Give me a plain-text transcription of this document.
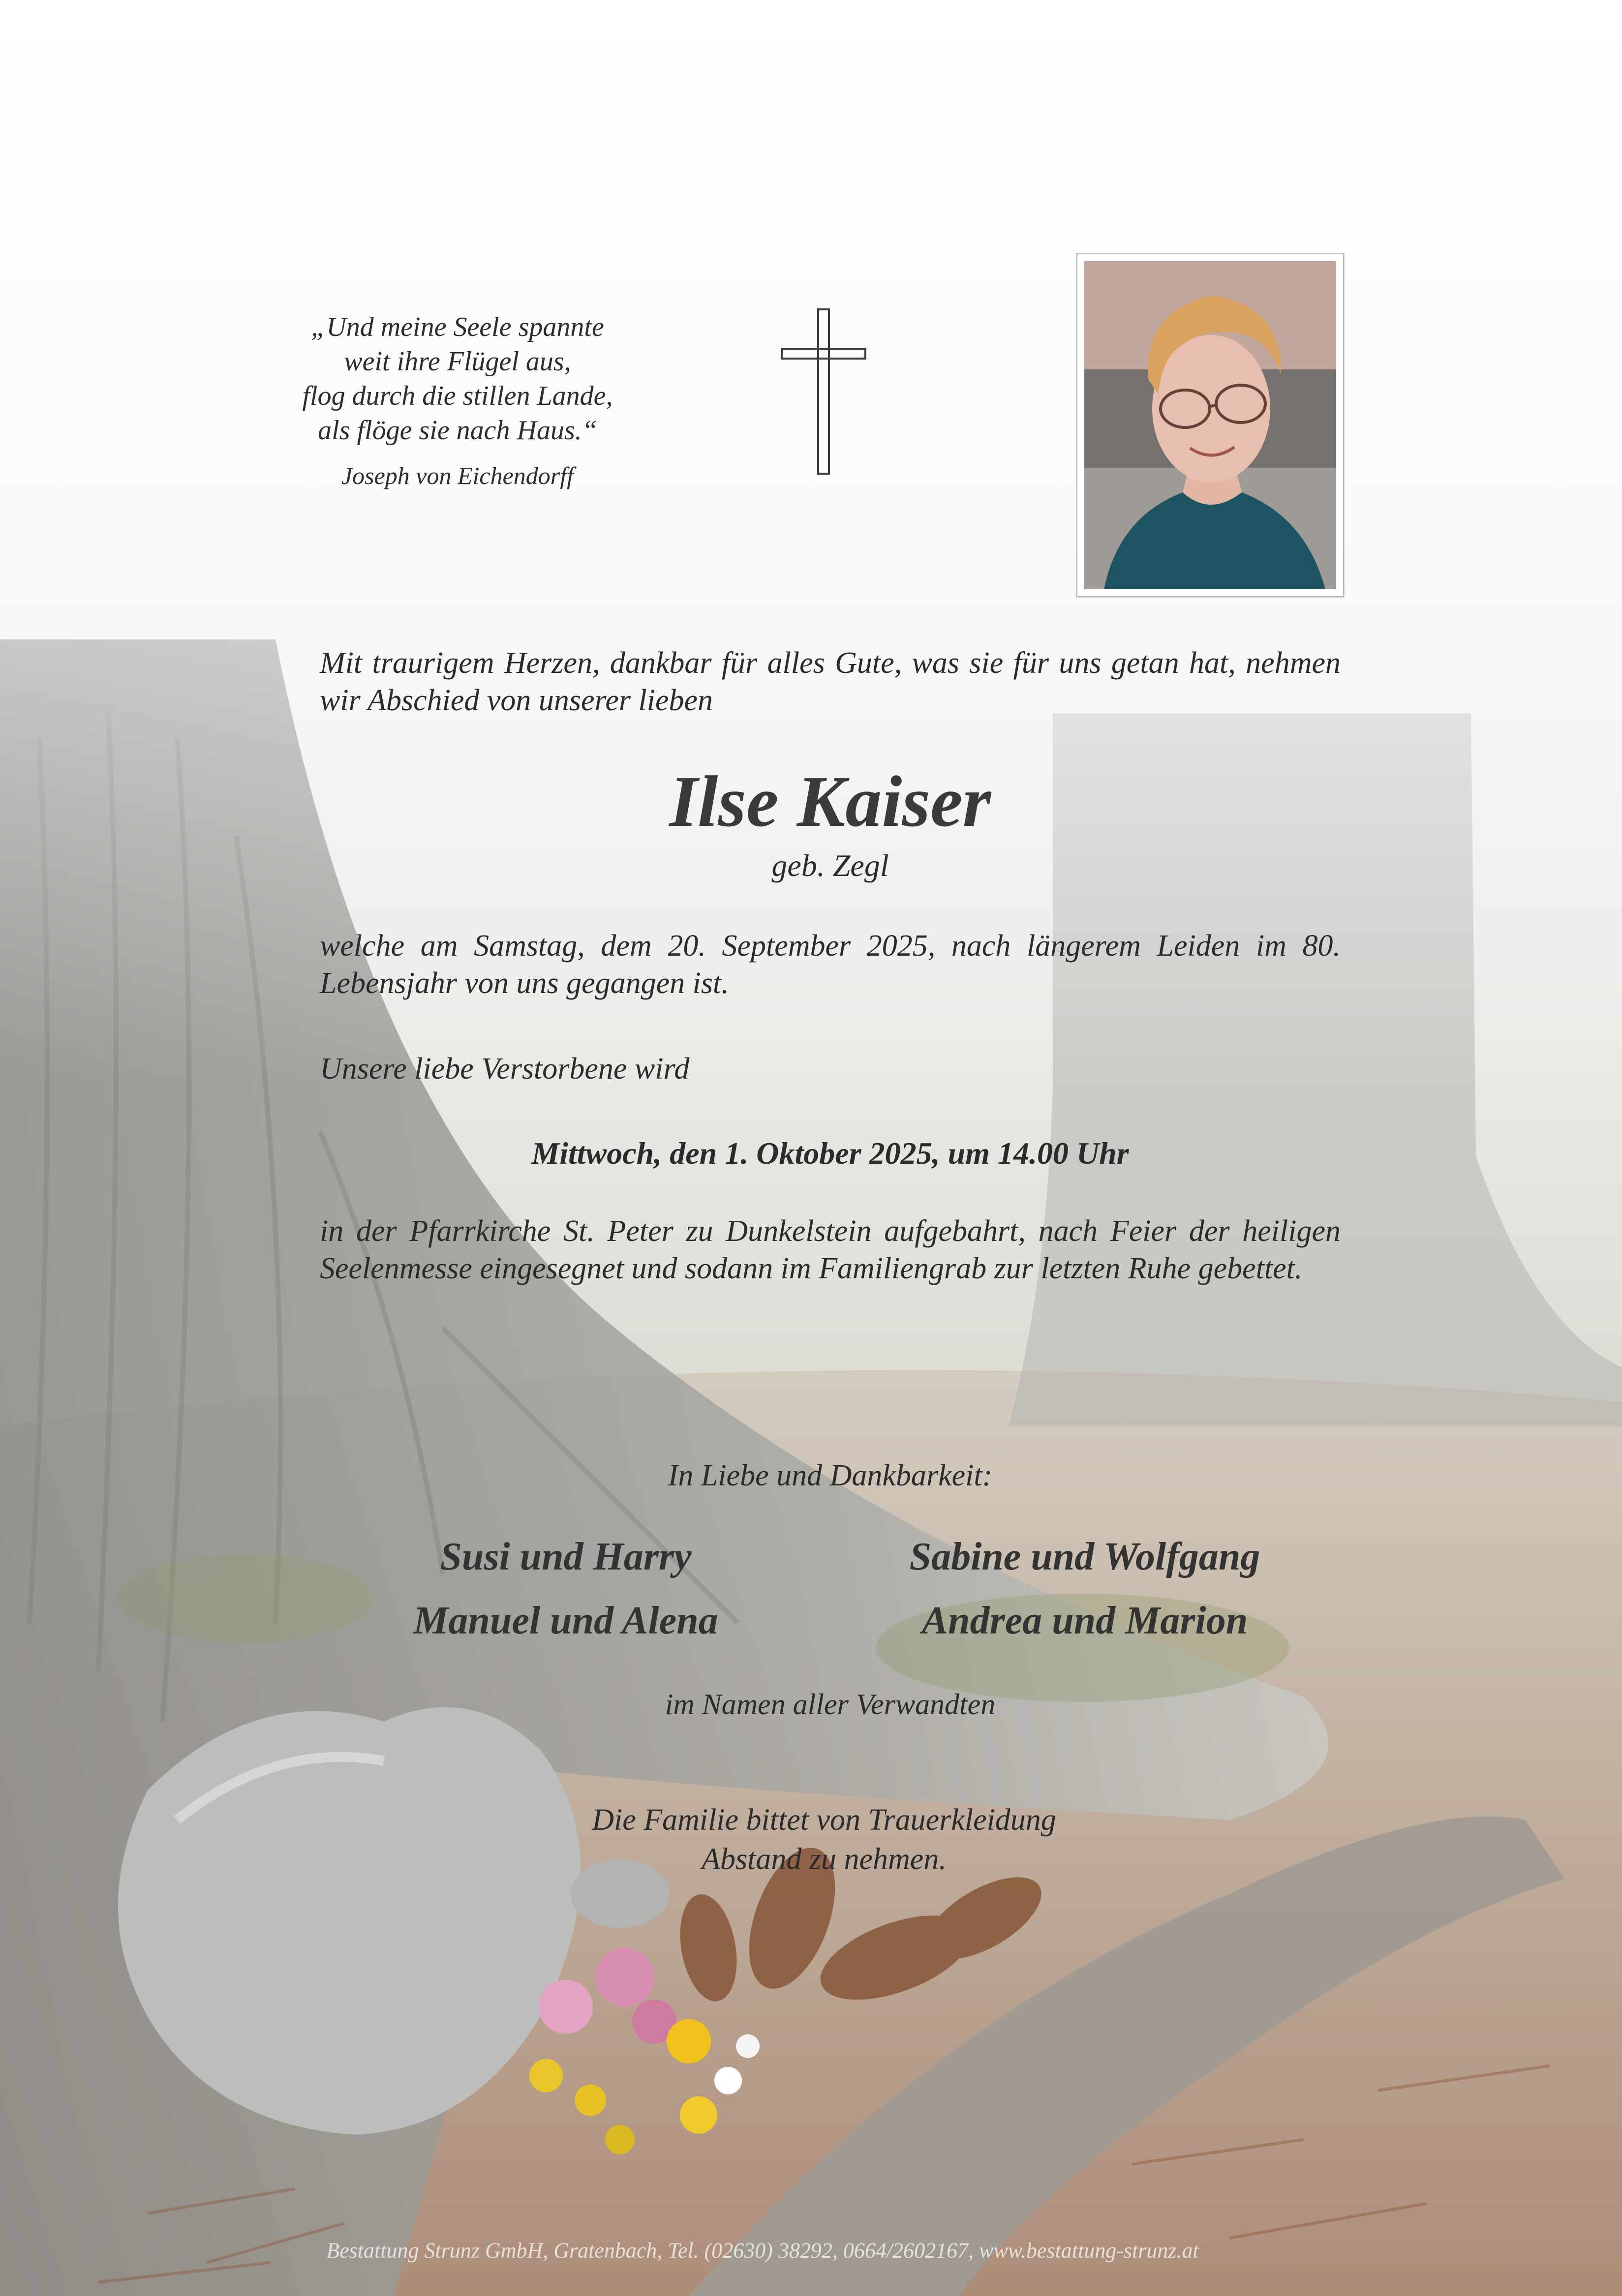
„Und meine Seele spannte
weit ihre Flügel aus,
flog durch die stillen Lande,
als flöge sie nach Haus.“
Joseph von Eichendorff
Mit traurigem Herzen, dankbar für alles Gute, was sie für uns getan hat, nehmen wir Abschied von unserer lieben
Ilse Kaiser
geb. Zegl
welche am Samstag, dem 20. September 2025, nach längerem Leiden im 80. Lebensjahr von uns gegangen ist.
Unsere liebe Verstorbene wird
Mittwoch, den 1. Oktober 2025, um 14.00 Uhr
in der Pfarrkirche St. Peter zu Dunkelstein aufgebahrt, nach Feier der heiligen Seelenmesse eingesegnet und sodann im Familiengrab zur letzten Ruhe gebettet.
In Liebe und Dankbarkeit:
Susi und Harry
Manuel und Alena
Sabine und Wolfgang
Andrea und Marion
im Namen aller Verwandten
Die Familie bittet von Trauerkleidung
Abstand zu nehmen.
Bestattung Strunz GmbH, Gratenbach, Tel. (02630) 38292, 0664/2602167, www.bestattung-strunz.at
